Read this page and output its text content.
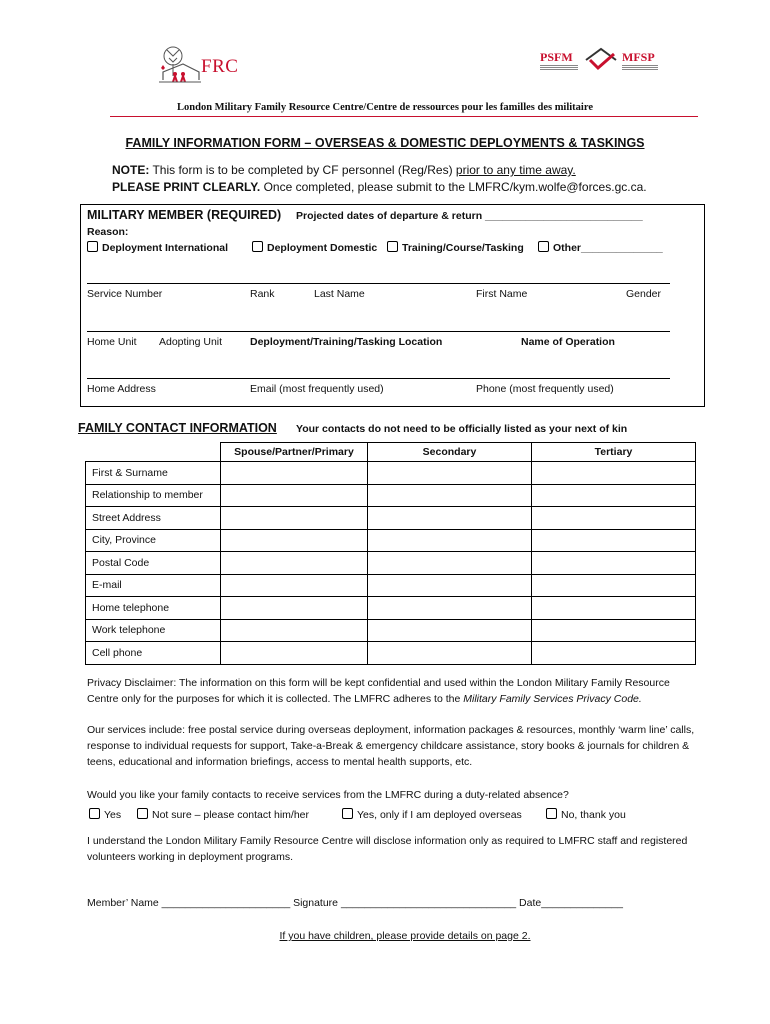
FRC	PSFM	MFSP
London Military Family Resource Centre/Centre de ressources pour les familles des militaire
FAMILY INFORMATION FORM – OVERSEAS & DOMESTIC DEPLOYMENTS & TASKINGS
NOTE: This form is to be completed by CF personnel (Reg/Res) prior to any time away.
PLEASE PRINT CLEARLY. Once completed, please submit to the LMFRC/kym.wolfe@forces.gc.ca.
MILITARY MEMBER (REQUIRED) Projected dates of departure & return ___________________________
Reason:
Deployment International	Deployment Domestic	Training/Course/Tasking	Other______________
Service Number	Rank	Last Name	First Name	Gender
Home Unit Adopting Unit	Deployment/Training/Tasking Location	Name of Operation
Home Address	Email (most frequently used)	Phone (most frequently used)
FAMILY CONTACT INFORMATION Your contacts do not need to be officially listed as your next of kin
	Spouse/Partner/Primary	Secondary	Tertiary
First & Surname			
Relationship to member			
Street Address			
City, Province			
Postal Code			
E-mail			
Home telephone			
Work telephone			
Cell phone			
Privacy Disclaimer: The information on this form will be kept confidential and used within the London Military Family Resource Centre only for the purposes for which it is collected. The LMFRC adheres to the Military Family Services Privacy Code.
Our services include: free postal service during overseas deployment, information packages & resources, monthly ‘warm line’ calls, response to individual requests for support, Take-a-Break & emergency childcare assistance, story books & journals for children & teens, educational and information briefings, access to mental health supports, etc.
Would you like your family contacts to receive services from the LMFRC during a duty-related absence?
Yes	Not sure – please contact him/her	Yes, only if I am deployed overseas	No, thank you
I understand the London Military Family Resource Centre will disclose information only as required to LMFRC staff and registered volunteers working in deployment programs.
Member’ Name ______________________ Signature ______________________________ Date______________
If you have children, please provide details on page 2.
